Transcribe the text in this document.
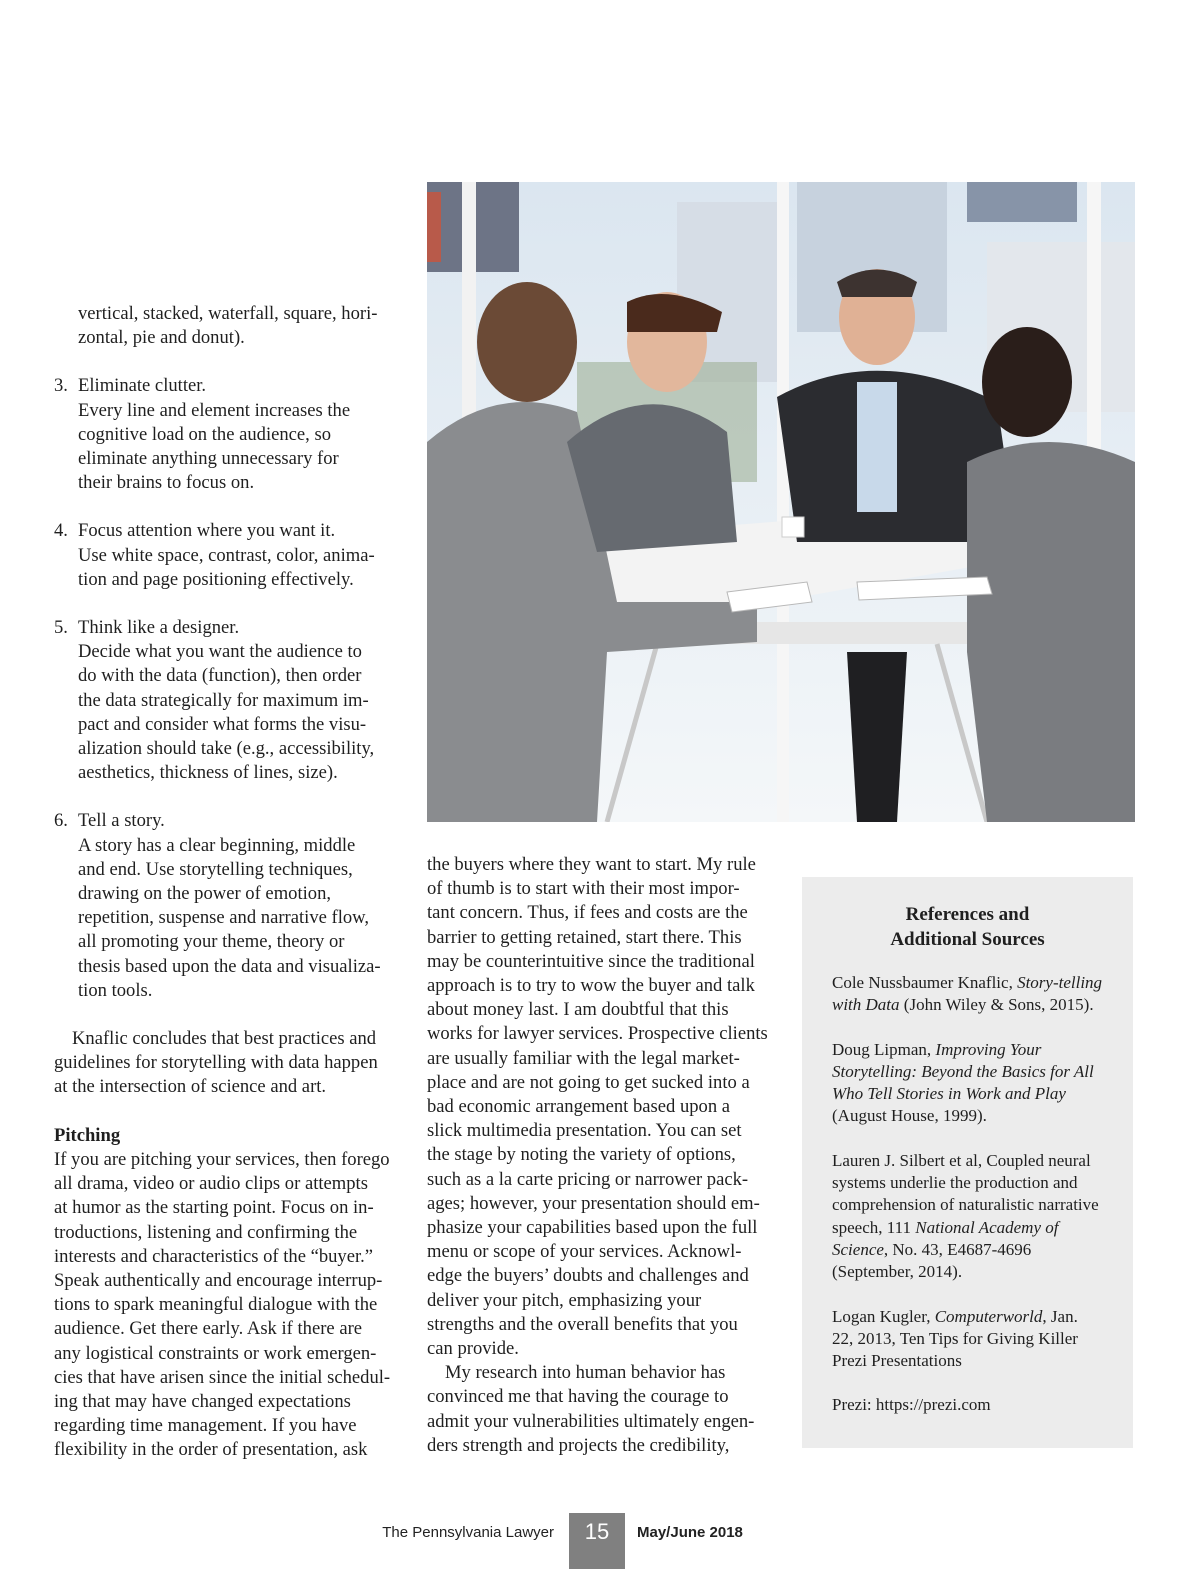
vertical, stacked, waterfall, square, hori-

zontal, pie and donut).

3. Eliminate clutter.

Every line and element increases the

cognitive load on the audience, so

eliminate anything unnecessary for

their brains to focus on.

4. Focus attention where you want it.

Use white space, contrast, color, anima-

tion and page positioning effectively.

5. Think like a designer.

Decide what you want the audience to

do with the data (function), then order

the data strategically for maximum im-

pact and consider what forms the visu-

alization should take (e.g., accessibility,

aesthetics, thickness of lines, size).

6. Tell a story.

A story has a clear beginning, middle

and end. Use storytelling techniques,

drawing on the power of emotion,

repetition, suspense and narrative flow,

all promoting your theme, theory or

thesis based upon the data and visualiza-

tion tools.

Knaflic concludes that best practices and

guidelines for storytelling with data happen

at the intersection of science and art.

Pitching

If you are pitching your services, then forego

all drama, video or audio clips or attempts

at humor as the starting point. Focus on in-

troductions, listening and confirming the

interests and characteristics of the “buyer.”

Speak authentically and encourage interrup-

tions to spark meaningful dialogue with the

audience. Get there early. Ask if there are

any logistical constraints or work emergen-

cies that have arisen since the initial schedul-

ing that may have changed expectations

regarding time management. If you have

flexibility in the order of presentation, ask

the buyers where they want to start. My rule

of thumb is to start with their most impor-

tant concern. Thus, if fees and costs are the

barrier to getting retained, start there. This

may be counterintuitive since the traditional

approach is to try to wow the buyer and talk

about money last. I am doubtful that this

works for lawyer services. Prospective clients

are usually familiar with the legal market-

place and are not going to get sucked into a

bad economic arrangement based upon a

slick multimedia presentation. You can set

the stage by noting the variety of options,

such as a la carte pricing or narrower pack-

ages; however, your presentation should em-

phasize your capabilities based upon the full

menu or scope of your services. Acknowl-

edge the buyers’ doubts and challenges and

deliver your pitch, emphasizing your

strengths and the overall benefits that you

can provide.

My research into human behavior has

convinced me that having the courage to

admit your vulnerabilities ultimately engen-

ders strength and projects the credibility,

References and
Additional Sources

Cole Nussbaumer Knaflic, Story-telling with Data (John Wiley & Sons, 2015).

Doug Lipman, Improving Your Storytelling: Beyond the Basics for All Who Tell Stories in Work and Play (August House, 1999).

Lauren J. Silbert et al, Coupled neural systems underlie the production and comprehension of naturalistic narrative speech, 111 National Academy of Science, No. 43, E4687-4696 (September, 2014).

Logan Kugler, Computerworld, Jan. 22, 2013, Ten Tips for Giving Killer Prezi Presentations

Prezi: https://prezi.com

The Pennsylvania Lawyer	15	May/June 2018
